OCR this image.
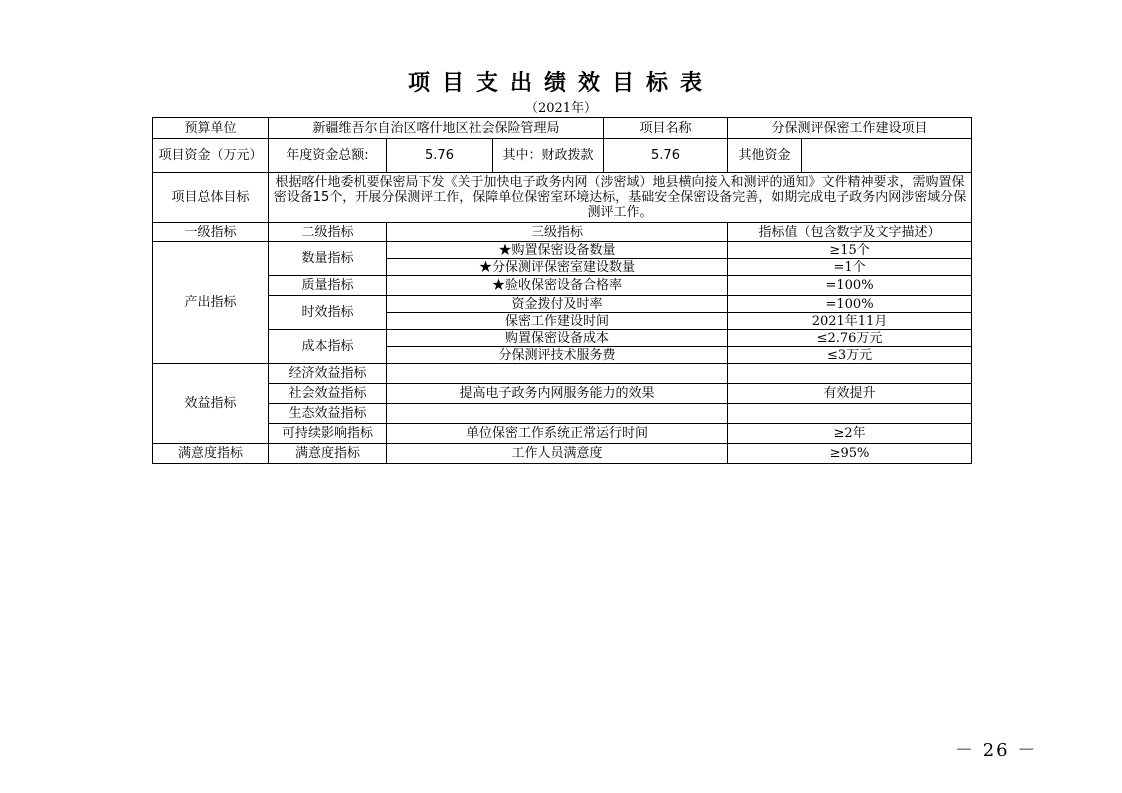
项目支出绩效目标表
（2021年）
预算单位	新疆维吾尔自治区喀什地区社会保险管理局			项目名称	分保测评保密工作建设项目	
项目资金（万元）	年度资金总额:	5.76	其中：财政拨款	5.76	其他资金	
项目总体目标	根据喀什地委机要保密局下发《关于加快电子政务内网（涉密域）地县横向接入和测评的通知》文件精神要求，需购置保密设备15个，开展分保测评工作，保障单位保密室环境达标，基础安全保密设备完善，如期完成电子政务内网涉密域分保测评工作。					
一级指标	二级指标	三级指标			指标值（包含数字及文字描述）	
产出指标	数量指标	★购置保密设备数量			≥15个	
		★分保测评保密室建设数量			=1个	
	质量指标	★验收保密设备合格率			=100%	
	时效指标	资金拨付及时率			=100%	
		保密工作建设时间			2021年11月	
	成本指标	购置保密设备成本			≤2.76万元	
		分保测评技术服务费			≤3万元	
效益指标	经济效益指标					
	社会效益指标	提高电子政务内网服务能力的效果			有效提升	
	生态效益指标					
	可持续影响指标	单位保密工作系统正常运行时间			≥2年	
满意度指标	满意度指标	工作人员满意度			≥95%	
－ 26 －
